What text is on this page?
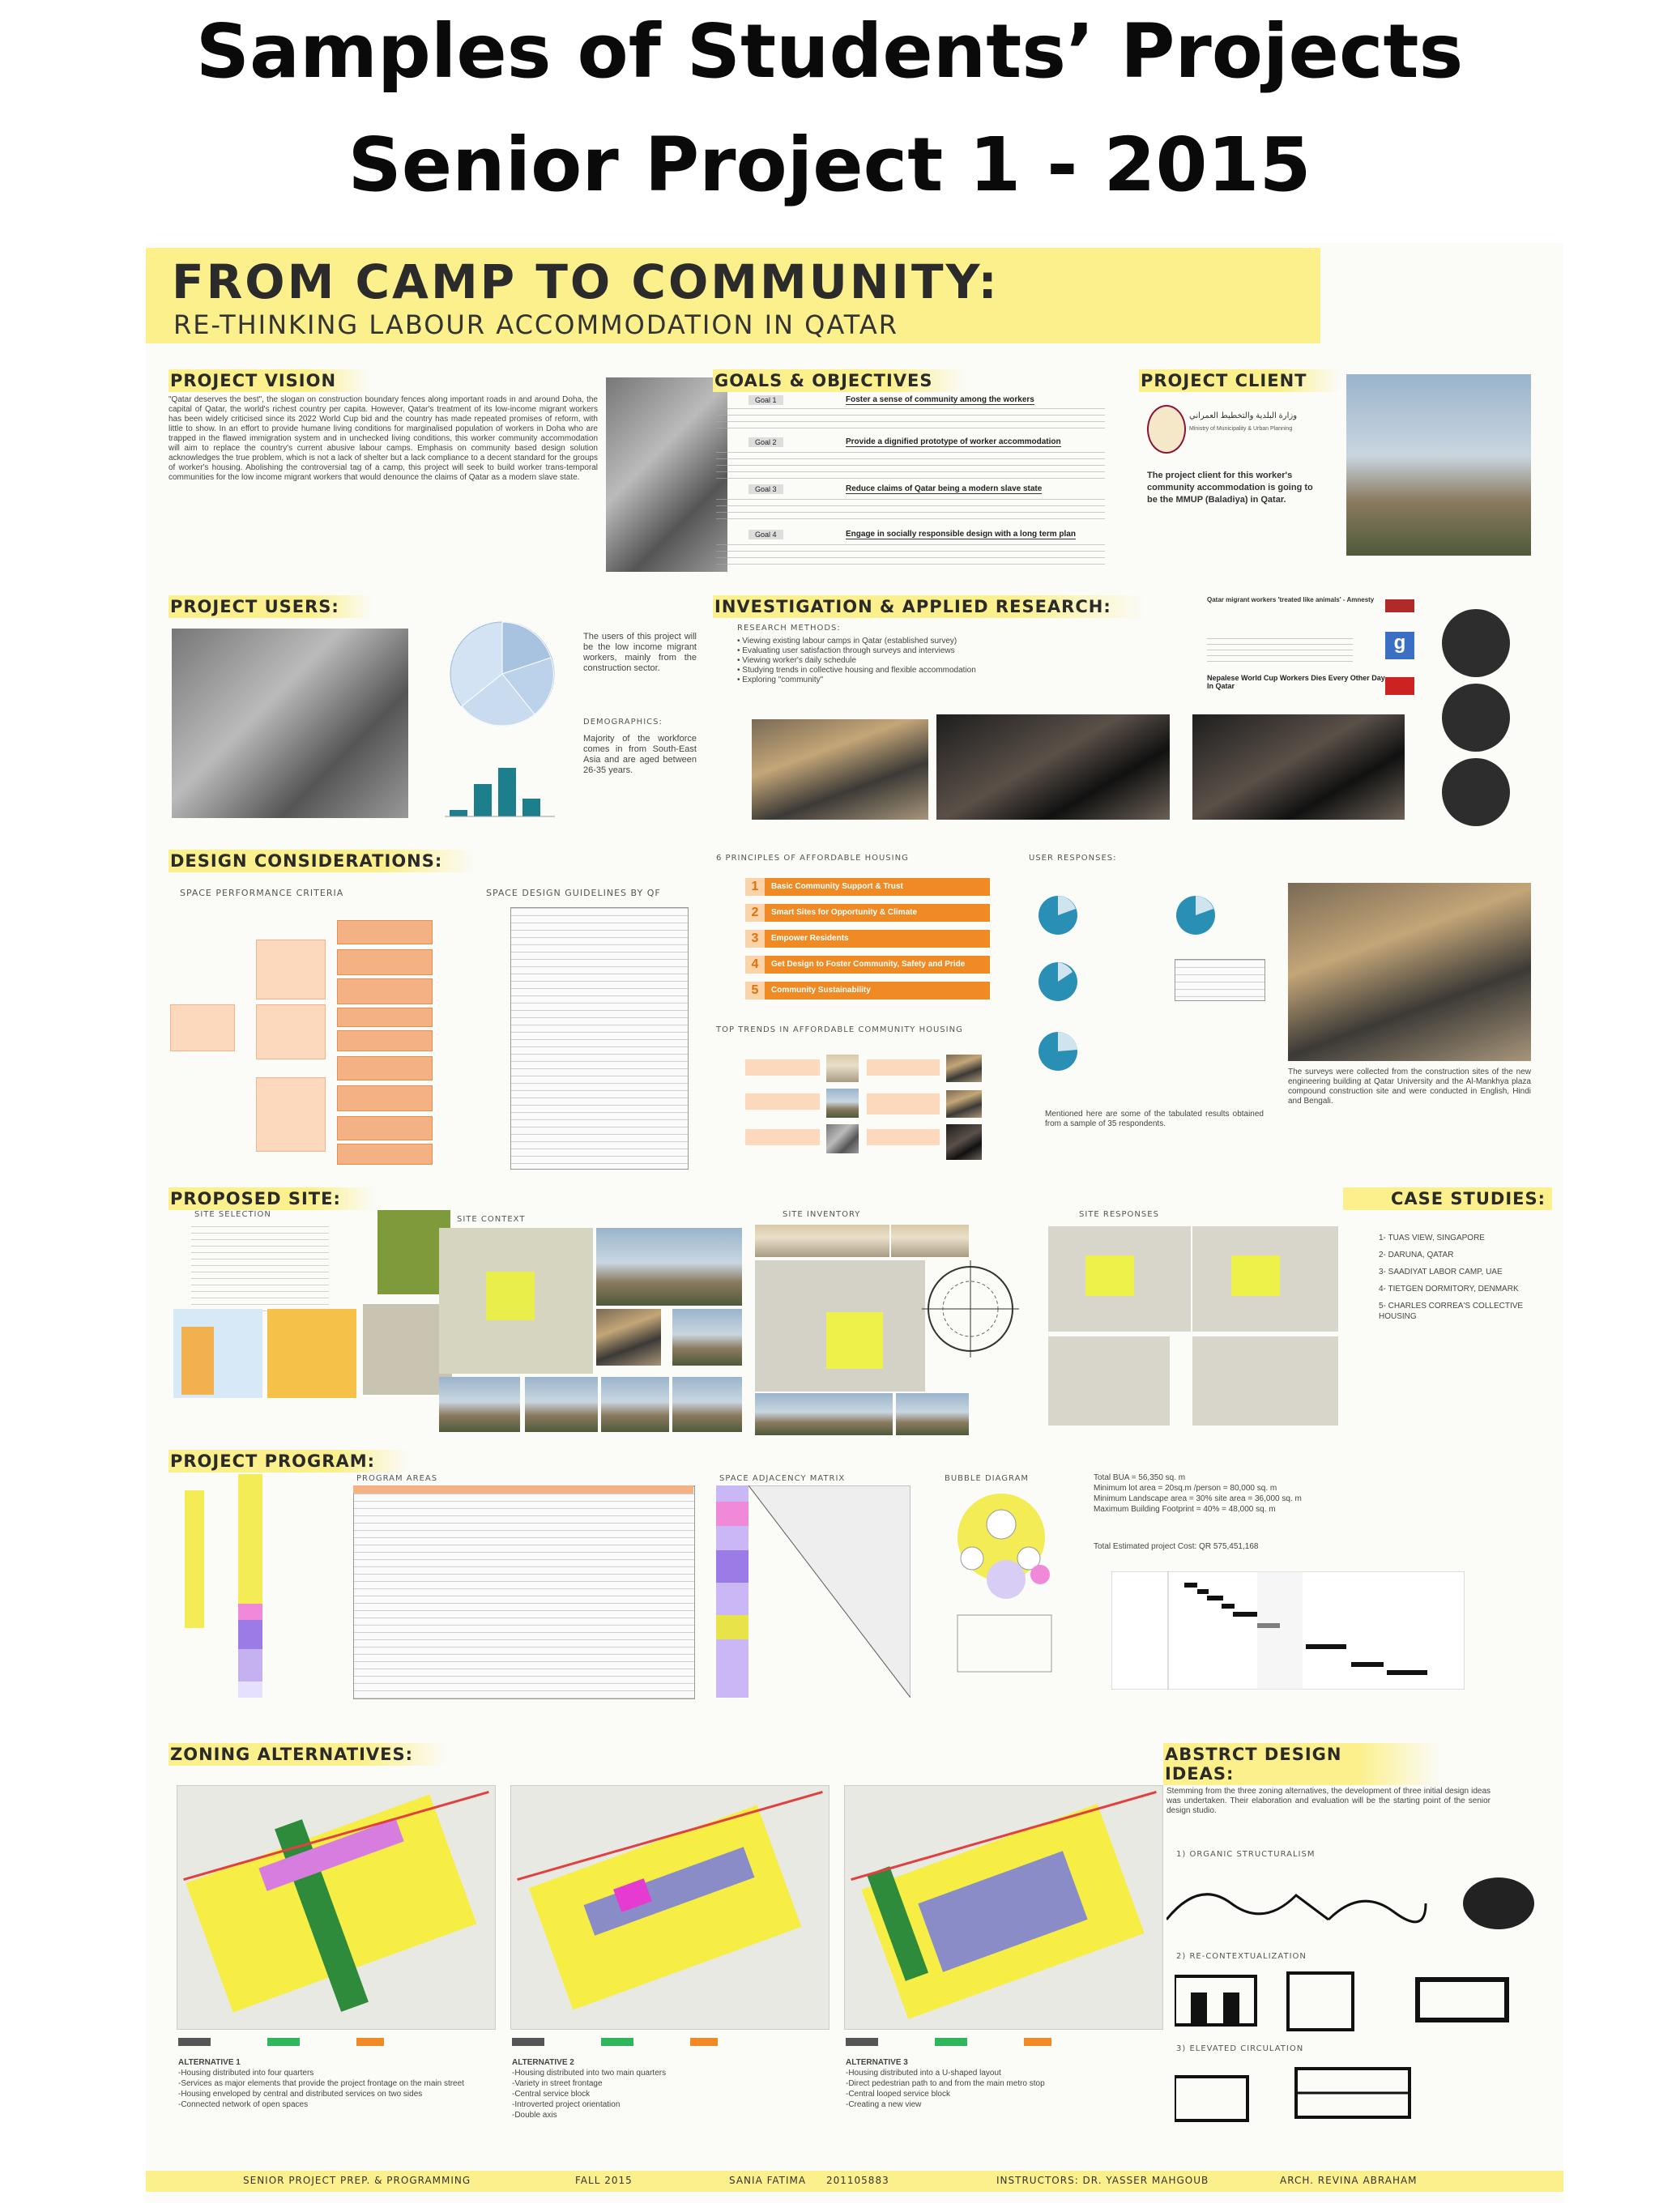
Samples of Students’ Projects
Senior Project 1 - 2015
FROM CAMP TO COMMUNITY:
RE-THINKING LABOUR ACCOMMODATION IN QATAR
PROJECT VISION
"Qatar deserves the best", the slogan on construction boundary fences along important roads in and around Doha, the capital of Qatar, the world's richest country per capita. However, Qatar's treatment of its low-income migrant workers has been widely criticised since its 2022 World Cup bid and the country has made repeated promises of reform, with little to show. In an effort to provide humane living conditions for marginalised population of workers in Doha who are trapped in the flawed immigration system and in unchecked living conditions, this worker community accommodation will aim to replace the country's current abusive labour camps. Emphasis on community based design solution acknowledges the true problem, which is not a lack of shelter but a lack compliance to a decent standard for the groups of worker's housing. Abolishing the controversial tag of a camp, this project will seek to build worker trans-temporal communities for the low income migrant workers that would denounce the claims of Qatar as a modern slave state.
GOALS & OBJECTIVES
Goal 1	Foster a sense of community among the workers
Goal 2	Provide a dignified prototype of worker accommodation
Goal 3	Reduce claims of Qatar being a modern slave state
Goal 4	Engage in socially responsible design with a long term plan
PROJECT CLIENT
وزارة البلدية والتخطيط العمراني
Ministry of Municipality & Urban Planning
The project client for this worker's community accommodation is going to be the MMUP (Baladiya) in Qatar.
PROJECT USERS:
The users of this project will be the low income migrant workers, mainly from the construction sector.
DEMOGRAPHICS:
Majority of the workforce comes in from South-East Asia and are aged between 26-35 years.
INVESTIGATION & APPLIED RESEARCH:
RESEARCH METHODS:
• Viewing existing labour camps in Qatar (established survey)
• Evaluating user satisfaction through surveys and interviews
• Viewing worker's daily schedule
• Studying trends in collective housing and flexible accommodation
• Exploring "community"
Qatar migrant workers 'treated like animals' - Amnesty
g
Nepalese World Cup Workers Dies Every Other Day In Qatar
DESIGN CONSIDERATIONS:
SPACE PERFORMANCE CRITERIA	SPACE DESIGN GUIDELINES BY QF
6 PRINCIPLES OF AFFORDABLE HOUSING
1	Basic Community Support & Trust
2	Smart Sites for Opportunity & Climate
3	Empower Residents
4	Get Design to Foster Community, Safety and Pride
5	Community Sustainability
TOP TRENDS IN AFFORDABLE COMMUNITY HOUSING
USER RESPONSES:
Mentioned here are some of the tabulated results obtained from a sample of 35 respondents.
The surveys were collected from the construction sites of the new engineering building at Qatar University and the Al-Mankhya plaza compound construction site and were conducted in English, Hindi and Bengali.
PROPOSED SITE:
SITE SELECTION
SITE CONTEXT
SITE INVENTORY	SITE RESPONSES
CASE STUDIES:
1- TUAS VIEW, SINGAPORE
2- DARUNA, QATAR
3- SAADIYAT LABOR CAMP, UAE
4- TIETGEN DORMITORY, DENMARK
5- CHARLES CORREA'S COLLECTIVE HOUSING
PROJECT PROGRAM:
PROGRAM AREAS	SPACE ADJACENCY MATRIX	BUBBLE DIAGRAM	Total BUA = 56,350 sq. m
Minimum lot area = 20sq.m /person = 80,000 sq. m
Minimum Landscape area = 30% site area = 36,000 sq. m
Maximum Building Footprint = 40% = 48,000 sq. m
Total Estimated project Cost: QR 575,451,168
ZONING ALTERNATIVES:
ALTERNATIVE 1
-Housing distributed into four quarters
-Services as major elements that provide the project frontage on the main street
-Housing enveloped by central and distributed services on two sides
-Connected network of open spaces
ALTERNATIVE 2
-Housing distributed into two main quarters
-Variety in street frontage
-Central service block
-Introverted project orientation
-Double axis
ALTERNATIVE 3
-Housing distributed into a U-shaped layout
-Direct pedestrian path to and from the main metro stop
-Central looped service block
-Creating a new view
ABSTRCT DESIGN IDEAS:
Stemming from the three zoning alternatives, the development of three initial design ideas was undertaken. Their elaboration and evaluation will be the starting point of the senior design studio.
1) ORGANIC STRUCTURALISM
2) RE-CONTEXTUALIZATION
3) ELEVATED CIRCULATION
SENIOR PROJECT PREP. & PROGRAMMING	FALL 2015	SANIA FATIMA 201105883	INSTRUCTORS: DR. YASSER MAHGOUB	ARCH. REVINA ABRAHAM
